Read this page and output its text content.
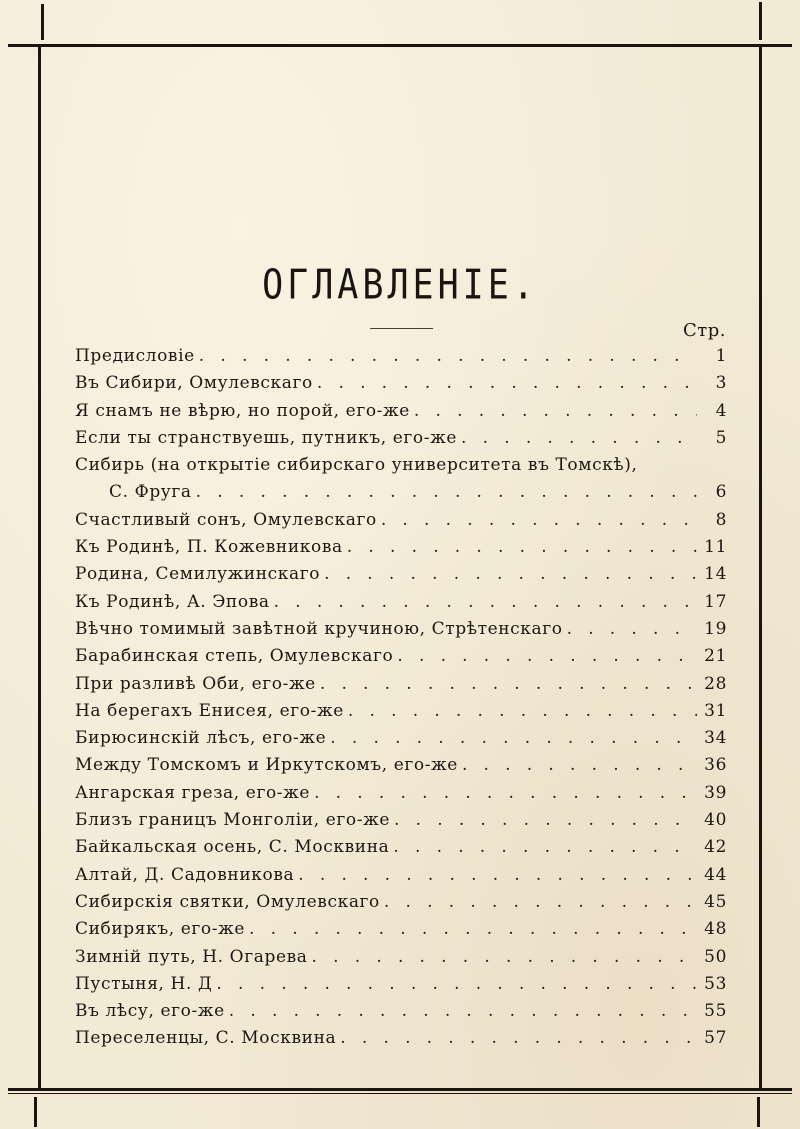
ОГЛАВЛЕНІЕ.
Стр.
Предисловіе . . .	1
Въ Сибири, Омулевскаго . . .	3
Я снамъ не вѣрю, но порой, его-же . . .	4
Если ты странствуешь, путникъ, его-же . . .	5
Сибирь (на открытіе сибирскаго университета въ Томскѣ),
С. Фруга . . .	6
Счастливый сонъ, Омулевскаго . . .	8
Къ Родинѣ, П. Кожевникова . . .	11
Родина, Семилужинскаго . . .	14
Къ Родинѣ, А. Эпова . . .	17
Вѣчно томимый завѣтной кручиною, Стрѣтенскаго . . .	19
Барабинская степь, Омулевскаго . . .	21
При разливѣ Оби, его-же . . .	28
На берегахъ Енисея, его-же . . .	31
Бирюсинскій лѣсъ, его-же . . .	34
Между Томскомъ и Иркутскомъ, его-же . . .	36
Ангарская греза, его-же . . .	39
Близъ границъ Монголіи, его-же . . .	40
Байкальская осень, С. Москвина . . .	42
Алтай, Д. Садовникова . . .	44
Сибирскія святки, Омулевскаго . . .	45
Сибирякъ, его-же . . .	48
Зимній путь, Н. Огарева . . .	50
Пустыня, Н. Д . . .	53
Въ лѣсу, его-же . . .	55
Переселенцы, С. Москвина . . .	57
